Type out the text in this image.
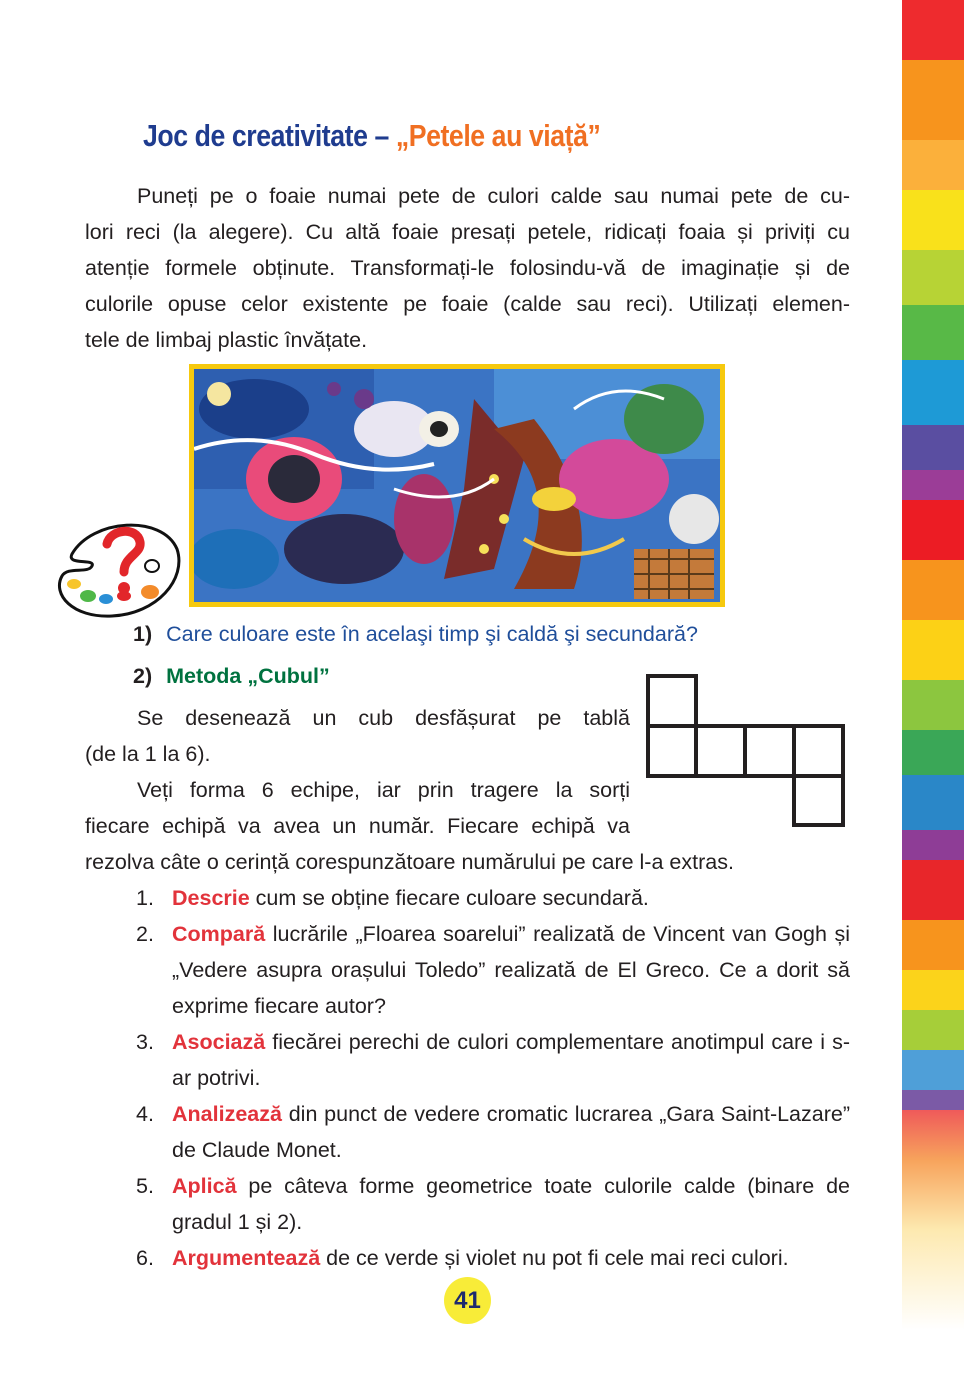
Joc de creativitate – „Petele au viață”
Puneți pe o foaie numai pete de culori calde sau numai pete de cu-
lori reci (la alegere). Cu altă foaie presați petele, ridicați foaia și priviți cu
atenție formele obținute. Transformați-le folosindu-vă de imaginație și de
culorile opuse celor existente pe foaie (calde sau reci). Utilizați elemen-
tele de limbaj plastic învățate.
1) Care culoare este în acelaşi timp şi caldă şi secundară?
2) Metoda „Cubul”
Se desenează un cub desfășurat pe tablă
(de la 1 la 6).
Veți forma 6 echipe, iar prin tragere la sorți
fiecare echipă va avea un număr. Fiecare echipă va
rezolva câte o cerință corespunzătoare numărului pe care l-a extras.
1. Descrie cum se obține fiecare culoare secundară.
2. Compară lucrările „Floarea soarelui” realizată de Vincent van Gogh și „Vedere asupra orașului Toledo” realizată de El Greco. Ce a dorit să exprime fiecare autor?
3. Asociază fiecărei perechi de culori complementare anotimpul care i s-ar potrivi.
4. Analizează din punct de vedere cromatic lucrarea „Gara Saint-Lazare” de Claude Monet.
5. Aplică pe câteva forme geometrice toate culorile calde (binare de gradul 1 și 2).
6. Argumentează de ce verde și violet nu pot fi cele mai reci culori.
41
